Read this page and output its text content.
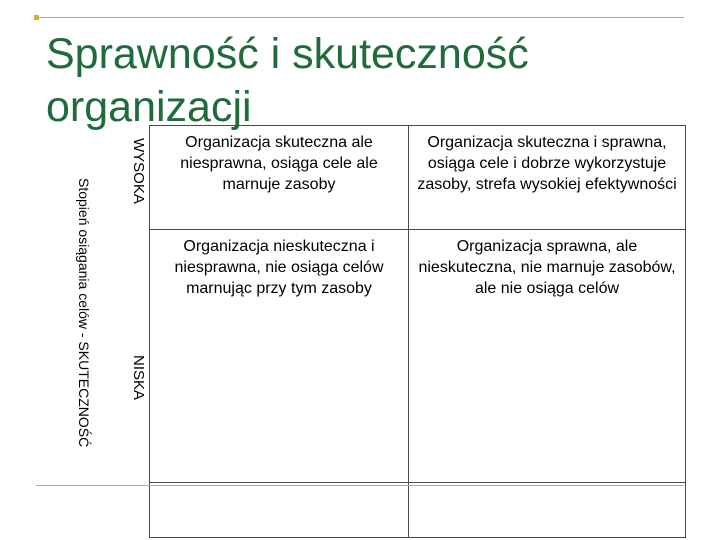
Sprawność i skuteczność organizacji
Stopień osiągania celów - SKUTECZNOŚĆ
WYSOKA
NISKA
Organizacja skuteczna ale niesprawna, osiąga cele ale marnuje zasoby	Organizacja skuteczna i sprawna, osiąga cele i dobrze wykorzystuje zasoby, strefa wysokiej efektywności
Organizacja nieskuteczna i niesprawna, nie osiąga celów marnując przy tym zasoby	Organizacja sprawna, ale nieskuteczna, nie marnuje zasobów, ale nie osiąga celów
